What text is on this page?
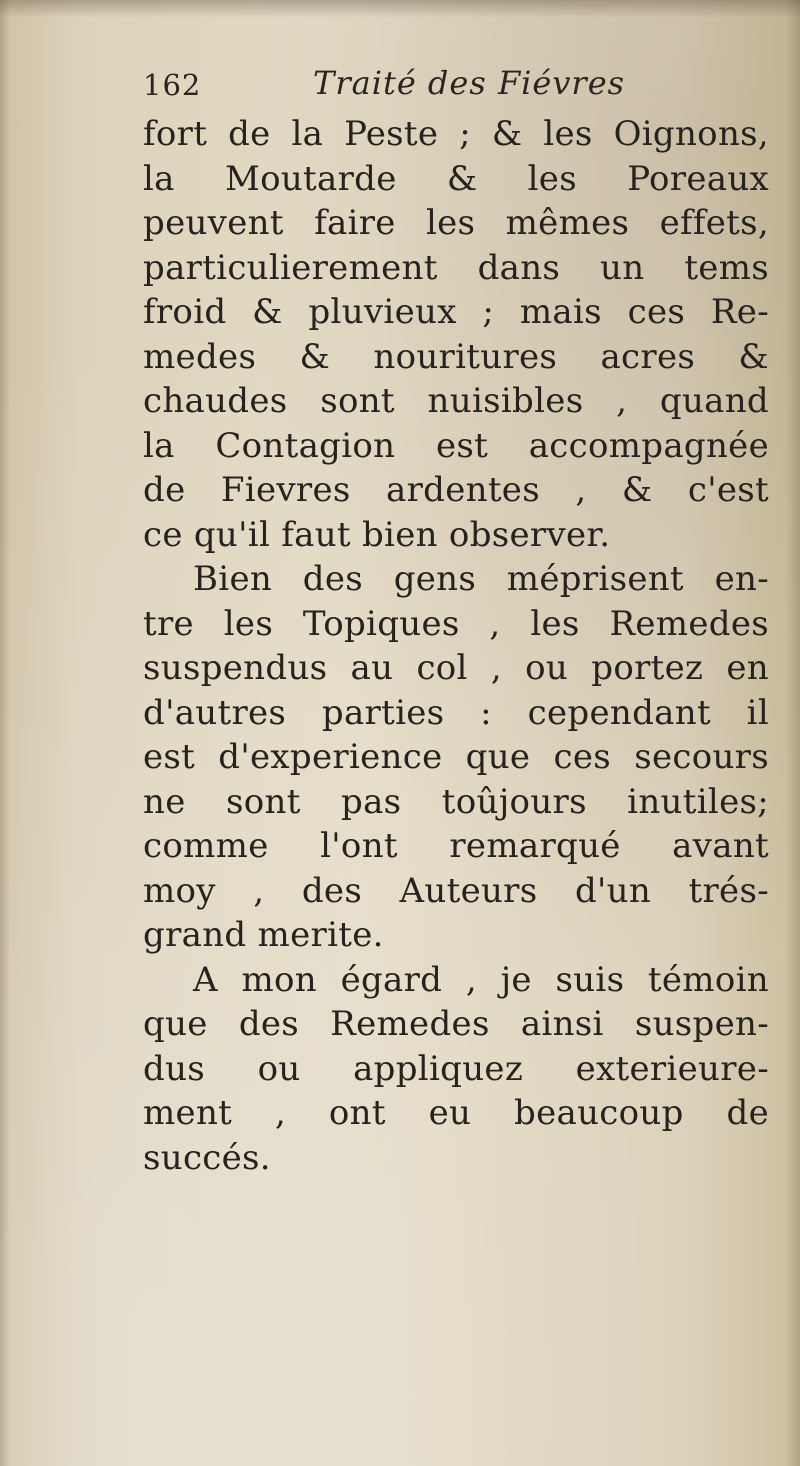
162	Traité des Fiévres
fort de la Peste ; & les Oignons,
la Moutarde & les Poreaux
peuvent faire les mêmes effets,
particulierement dans un tems
froid & pluvieux ; mais ces Re-
medes & nouritures acres &
chaudes sont nuisibles , quand
la Contagion est accompagnée
de Fievres ardentes , & c'est
ce qu'il faut bien observer.
Bien des gens méprisent en-
tre les Topiques , les Remedes
suspendus au col , ou portez en
d'autres parties : cependant il
est d'experience que ces secours
ne sont pas toûjours inutiles;
comme l'ont remarqué avant
moy , des Auteurs d'un trés-
grand merite.
A mon égard , je suis témoin
que des Remedes ainsi suspen-
dus ou appliquez exterieure-
ment , ont eu beaucoup de
succés.
